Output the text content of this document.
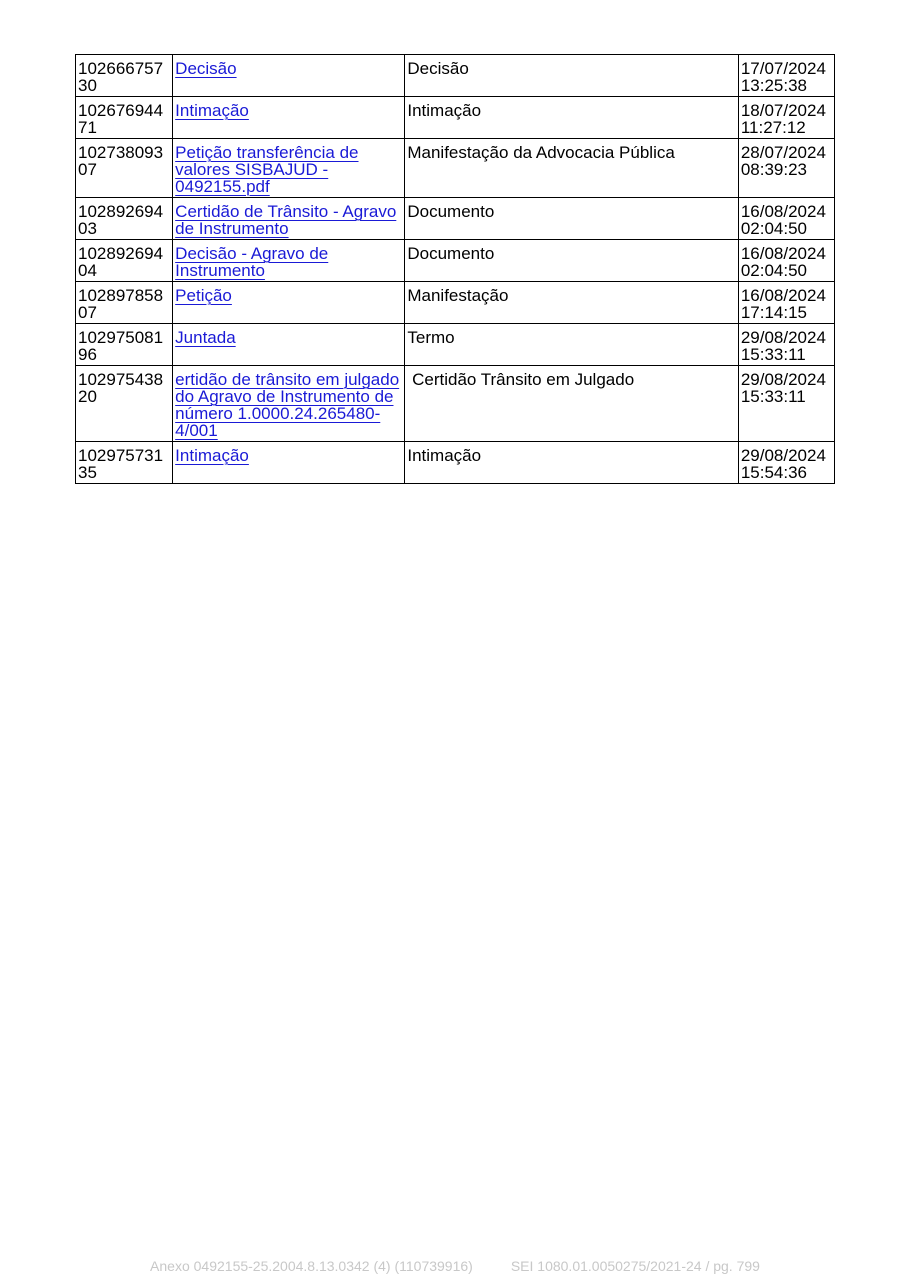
10266675730	Decisão	Decisão	17/07/2024 13:25:38
10267694471	Intimação	Intimação	18/07/2024 11:27:12
10273809307	Petição transferência de valores SISBAJUD - 0492155.pdf	Manifestação da Advocacia Pública	28/07/2024 08:39:23
10289269403	Certidão de Trânsito - Agravo de Instrumento	Documento	16/08/2024 02:04:50
10289269404	Decisão - Agravo de Instrumento	Documento	16/08/2024 02:04:50
10289785807	Petição	Manifestação	16/08/2024 17:14:15
10297508196	Juntada	Termo	29/08/2024 15:33:11
10297543820	ertidão de trânsito em julgado do Agravo de Instrumento de número 1.0000.24.265480-4/001	Certidão Trânsito em Julgado	29/08/2024 15:33:11
10297573135	Intimação	Intimação	29/08/2024 15:54:36
Anexo 0492155-25.2004.8.13.0342 (4) (110739916)	SEI 1080.01.0050275/2021-24 / pg. 799
